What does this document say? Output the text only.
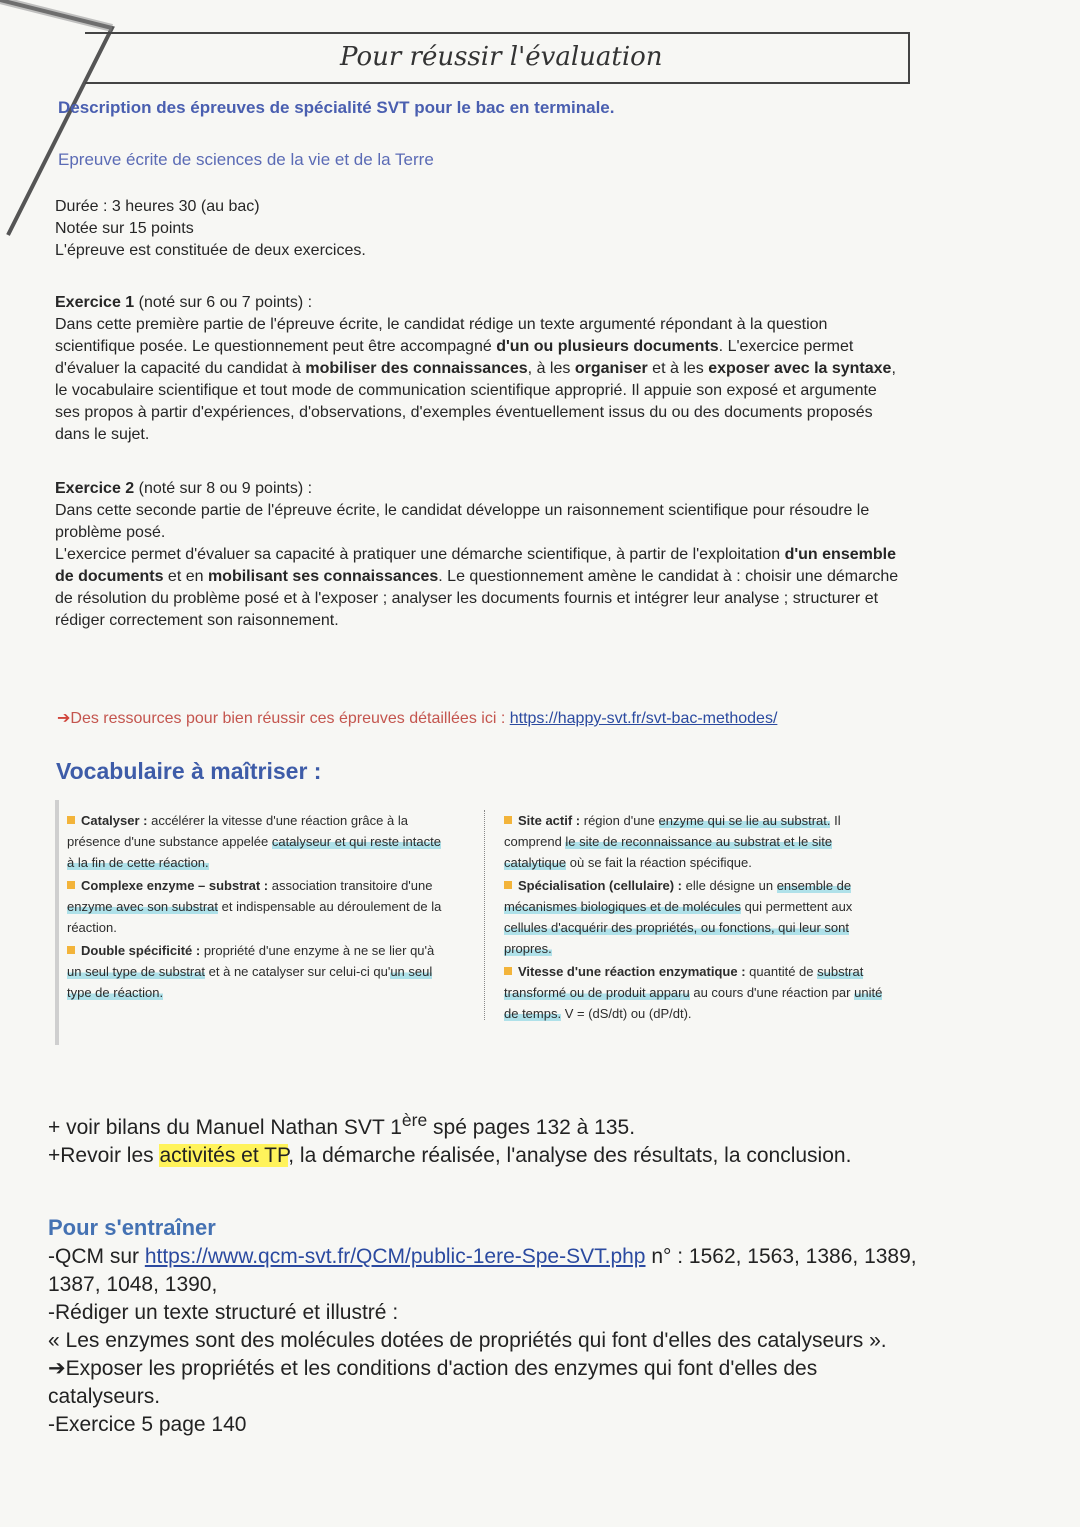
Pour réussir l'évaluation
Description des épreuves de spécialité SVT pour le bac en terminale.
Epreuve écrite de sciences de la vie et de la Terre

Durée : 3 heures 30 (au bac)

Notée sur 15 points

L'épreuve est constituée de deux exercices.

Exercice 1 (noté sur 6 ou 7 points) :

Dans cette première partie de l'épreuve écrite, le candidat rédige un texte argumenté répondant à la question scientifique posée. Le questionnement peut être accompagné d'un ou plusieurs documents. L'exercice permet d'évaluer la capacité du candidat à mobiliser des connaissances, à les organiser et à les exposer avec la syntaxe, le vocabulaire scientifique et tout mode de communication scientifique approprié. Il appuie son exposé et argumente ses propos à partir d'expériences, d'observations, d'exemples éventuellement issus du ou des documents proposés dans le sujet.

Exercice 2 (noté sur 8 ou 9 points) :

Dans cette seconde partie de l'épreuve écrite, le candidat développe un raisonnement scientifique pour résoudre le problème posé.

L'exercice permet d'évaluer sa capacité à pratiquer une démarche scientifique, à partir de l'exploitation d'un ensemble de documents et en mobilisant ses connaissances. Le questionnement amène le candidat à : choisir une démarche de résolution du problème posé et à l'exposer ; analyser les documents fournis et intégrer leur analyse ; structurer et rédiger correctement son raisonnement.

➔Des ressources pour bien réussir ces épreuves détaillées ici : https://happy-svt.fr/svt-bac-methodes/
Vocabulaire à maîtriser :

Catalyser : accélérer la vitesse d'une réaction grâce à la présence d'une substance appelée catalyseur et qui reste intacte à la fin de cette réaction.

Complexe enzyme – substrat : association transitoire d'une enzyme avec son substrat et indispensable au déroulement de la réaction.

Double spécificité : propriété d'une enzyme à ne se lier qu'à un seul type de substrat et à ne catalyser sur celui-ci qu'un seul type de réaction.

Site actif : région d'une enzyme qui se lie au substrat. Il comprend le site de reconnaissance au substrat et le site catalytique où se fait la réaction spécifique.

Spécialisation (cellulaire) : elle désigne un ensemble de mécanismes biologiques et de molécules qui permettent aux cellules d'acquérir des propriétés, ou fonctions, qui leur sont propres.

Vitesse d'une réaction enzymatique : quantité de substrat transformé ou de produit apparu au cours d'une réaction par unité de temps. V = (dS/dt) ou (dP/dt).

+ voir bilans du Manuel Nathan SVT 1ère spé pages 132 à 135.
+Revoir les activités et TP, la démarche réalisée, l'analyse des résultats, la conclusion.
Pour s'entraîner
-QCM sur https://www.qcm-svt.fr/QCM/public-1ere-Spe-SVT.php n° : 1562, 1563, 1386, 1389, 1387, 1048, 1390,
-Rédiger un texte structuré et illustré :
« Les enzymes sont des molécules dotées de propriétés qui font d'elles des catalyseurs ». ➔Exposer les propriétés et les conditions d'action des enzymes qui font d'elles des catalyseurs.
-Exercice 5 page 140
